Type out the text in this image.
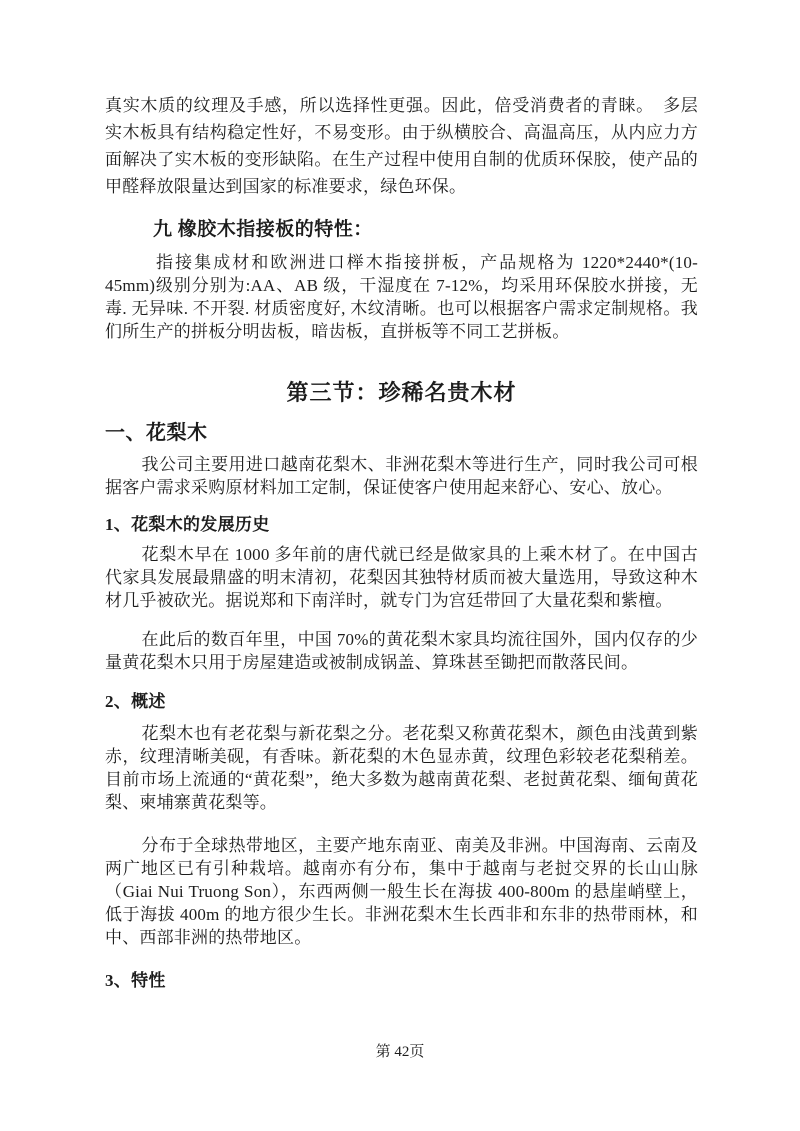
真实木质的纹理及手感，所以选择性更强。因此，倍受消费者的青睐。　多层实木板具有结构稳定性好，不易变形。由于纵横胶合、高温高压，从内应力方面解决了实木板的变形缺陷。在生产过程中使用自制的优质环保胶，使产品的甲醛释放限量达到国家的标准要求，绿色环保。

九 橡胶木指接板的特性：

指接集成材和欧洲进口榉木指接拼板，产品规格为 1220*2440*(10-45mm)级别分别为:AA、AB 级，干湿度在 7-12%，均采用环保胶水拼接，无毒. 无异味. 不开裂. 材质密度好, 木纹清晰。也可以根据客户需求定制规格。我们所生产的拼板分明齿板，暗齿板，直拼板等不同工艺拼板。

第三节：珍稀名贵木材

一、花梨木

我公司主要用进口越南花梨木、非洲花梨木等进行生产，同时我公司可根据客户需求采购原材料加工定制，保证使客户使用起来舒心、安心、放心。

1、花梨木的发展历史

花梨木早在 1000 多年前的唐代就已经是做家具的上乘木材了。在中国古代家具发展最鼎盛的明末清初，花梨因其独特材质而被大量选用，导致这种木材几乎被砍光。据说郑和下南洋时，就专门为宫廷带回了大量花梨和紫檀。

在此后的数百年里，中国 70%的黄花梨木家具均流往国外，国内仅存的少量黄花梨木只用于房屋建造或被制成锅盖、算珠甚至锄把而散落民间。

2、概述

花梨木也有老花梨与新花梨之分。老花梨又称黄花梨木，颜色由浅黄到紫赤，纹理清晰美砚，有香味。新花梨的木色显赤黄，纹理色彩较老花梨稍差。目前市场上流通的“黄花梨”，绝大多数为越南黄花梨、老挝黄花梨、缅甸黄花梨、柬埔寨黄花梨等。

分布于全球热带地区，主要产地东南亚、南美及非洲。中国海南、云南及两广地区已有引种栽培。越南亦有分布，集中于越南与老挝交界的长山山脉（Giai Nui Truong Son），东西两侧一般生长在海拔 400-800m 的悬崖峭壁上，低于海拔 400m 的地方很少生长。非洲花梨木生长西非和东非的热带雨林，和中、西部非洲的热带地区。

3、特性

第 42页
